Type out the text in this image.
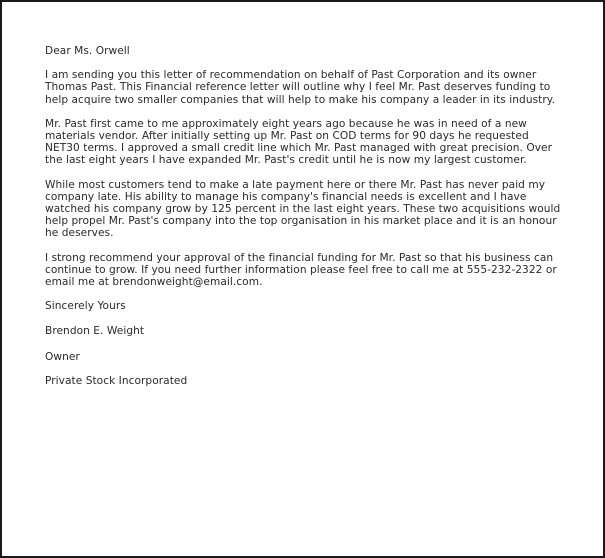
Dear Ms. Orwell

I am sending you this letter of recommendation on behalf of Past Corporation and its owner Thomas Past. This Financial reference letter will outline why I feel Mr. Past deserves funding to help acquire two smaller companies that will help to make his company a leader in its industry.

Mr. Past first came to me approximately eight years ago because he was in need of a new materials vendor. After initially setting up Mr. Past on COD terms for 90 days he requested NET30 terms. I approved a small credit line which Mr. Past managed with great precision. Over the last eight years I have expanded Mr. Past's credit until he is now my largest customer.

While most customers tend to make a late payment here or there Mr. Past has never paid my company late. His ability to manage his company's financial needs is excellent and I have watched his company grow by 125 percent in the last eight years. These two acquisitions would help propel Mr. Past's company into the top organisation in his market place and it is an honour he deserves.

I strong recommend your approval of the financial funding for Mr. Past so that his business can continue to grow. If you need further information please feel free to call me at 555-232-2322 or email me at brendonweight@email.com.

Sincerely Yours

Brendon E. Weight

Owner

Private Stock Incorporated
